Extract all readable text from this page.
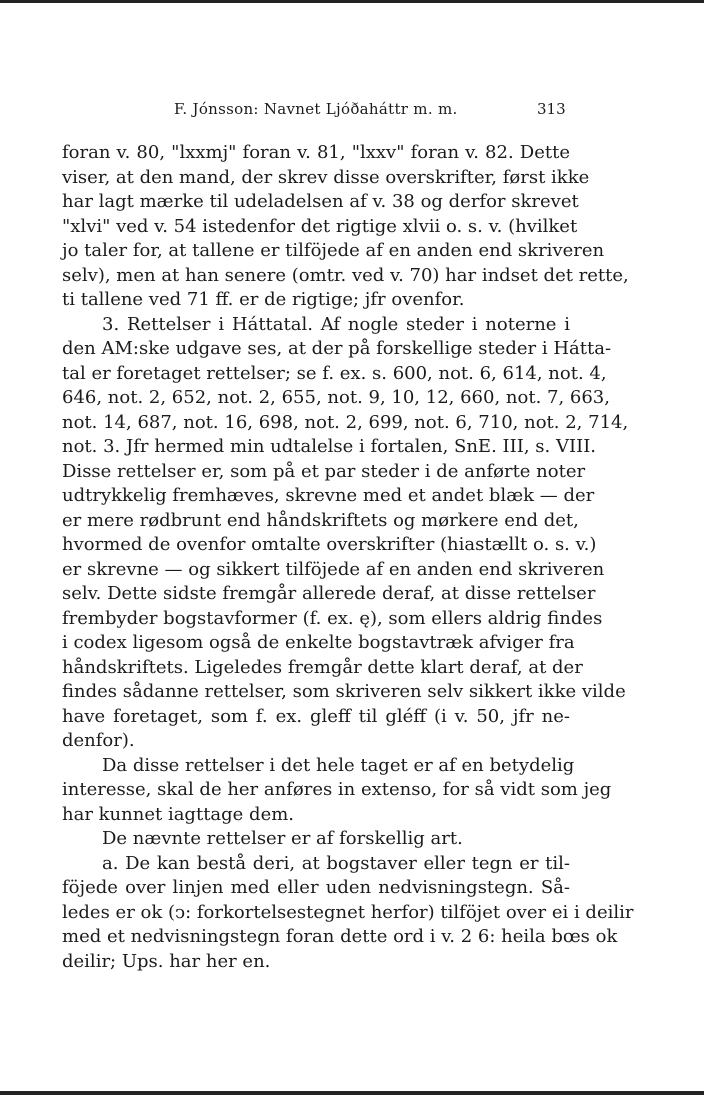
F. Jónsson: Navnet Ljóðaháttr m. m.	313
foran v. 80, "lxxmj" foran v. 81, "lxxv" foran v. 82. Dette
viser, at den mand, der skrev disse overskrifter, først ikke
har lagt mærke til udeladelsen af v. 38 og derfor skrevet
"xlvi" ved v. 54 istedenfor det rigtige xlvii o. s. v. (hvilket
jo taler for, at tallene er tilföjede af en anden end skriveren
selv), men at han senere (omtr. ved v. 70) har indset det rette,
ti tallene ved 71 ff. er de rigtige; jfr ovenfor.
3. Rettelser i Háttatal. Af nogle steder i noterne i
den AM:ske udgave ses, at der på forskellige steder i Hátta-
tal er foretaget rettelser; se f. ex. s. 600, not. 6, 614, not. 4,
646, not. 2, 652, not. 2, 655, not. 9, 10, 12, 660, not. 7, 663,
not. 14, 687, not. 16, 698, not. 2, 699, not. 6, 710, not. 2, 714,
not. 3. Jfr hermed min udtalelse i fortalen, SnE. III, s. VIII.
Disse rettelser er, som på et par steder i de anførte noter
udtrykkelig fremhæves, skrevne med et andet blæk — der
er mere rødbrunt end håndskriftets og mørkere end det,
hvormed de ovenfor omtalte overskrifter (hiastællt o. s. v.)
er skrevne — og sikkert tilföjede af en anden end skriveren
selv. Dette sidste fremgår allerede deraf, at disse rettelser
frembyder bogstavformer (f. ex. ę), som ellers aldrig findes
i codex ligesom også de enkelte bogstavtræk afviger fra
håndskriftets. Ligeledes fremgår dette klart deraf, at der
findes sådanne rettelser, som skriveren selv sikkert ikke vilde
have foretaget, som f. ex. gleff til gléff (i v. 50, jfr ne-
denfor).
Da disse rettelser i det hele taget er af en betydelig
interesse, skal de her anføres in extenso, for så vidt som jeg
har kunnet iagttage dem.
De nævnte rettelser er af forskellig art.
a. De kan bestå deri, at bogstaver eller tegn er til-
föjede over linjen med eller uden nedvisningstegn. Så-
ledes er ok (ↄ: forkortelsestegnet herfor) tilföjet over ei i deilir
med et nedvisningstegn foran dette ord i v. 2 6: heila bœs ok
deilir; Ups. har her en.
